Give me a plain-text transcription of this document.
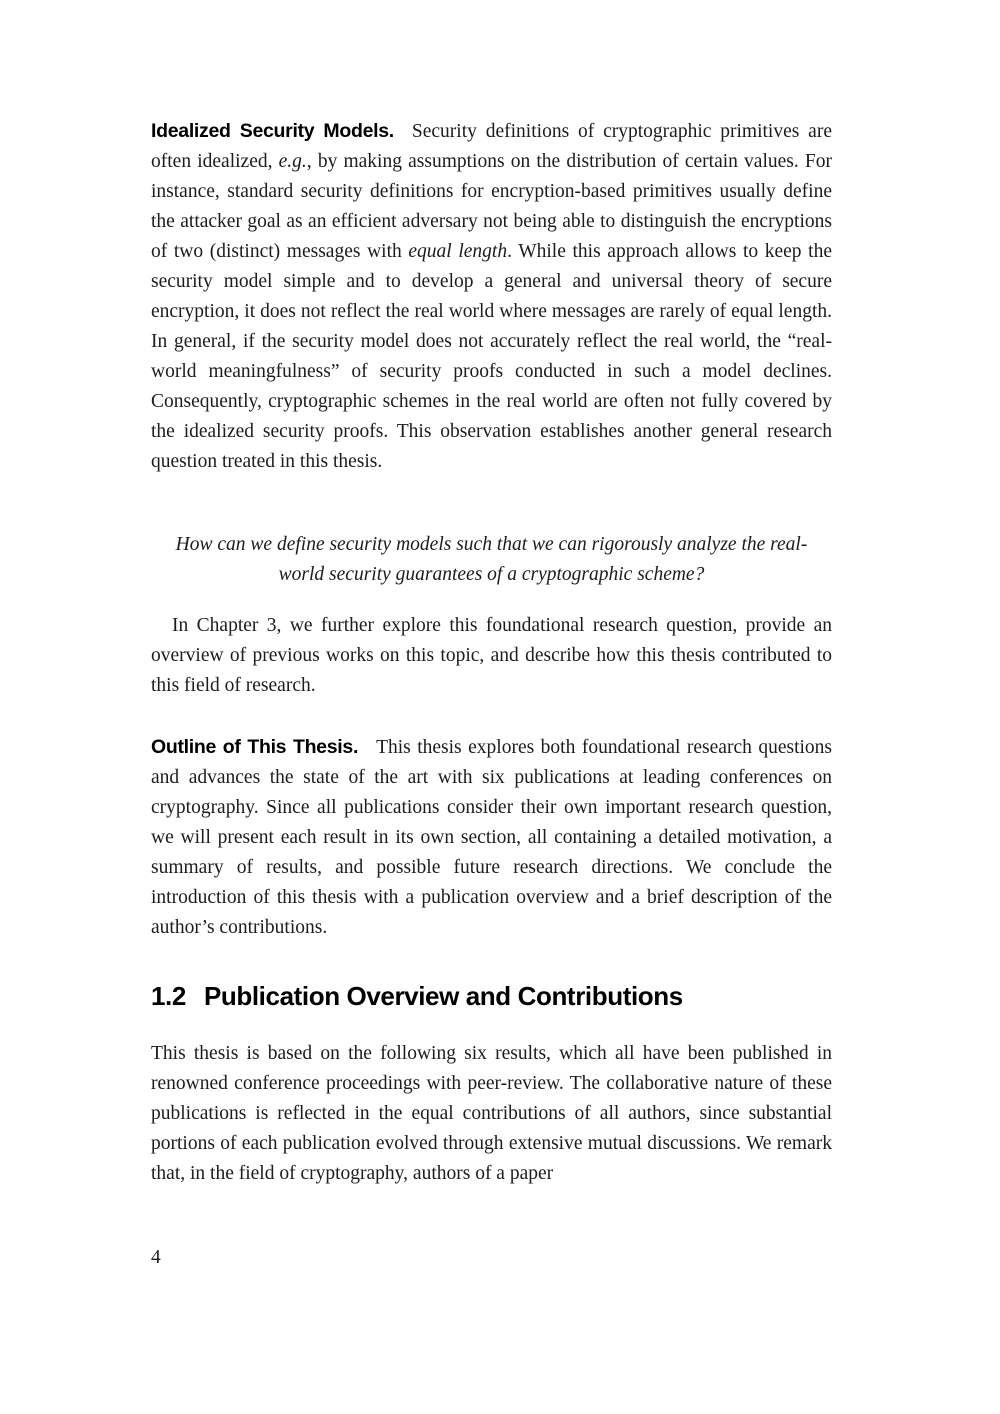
Idealized Security Models. Security definitions of cryptographic primitives are often idealized, e.g., by making assumptions on the distribution of certain values. For instance, standard security definitions for encryption-based primitives usually define the attacker goal as an efficient adversary not being able to distinguish the encryptions of two (distinct) messages with equal length. While this approach allows to keep the security model simple and to develop a general and universal theory of secure encryption, it does not reflect the real world where messages are rarely of equal length. In general, if the security model does not accurately reflect the real world, the “real-world meaningfulness” of security proofs conducted in such a model declines. Consequently, cryptographic schemes in the real world are often not fully covered by the idealized security proofs. This observation establishes another general research question treated in this thesis.

How can we define security models such that we can rigorously analyze the real-world security guarantees of a cryptographic scheme?

In Chapter 3, we further explore this foundational research question, provide an overview of previous works on this topic, and describe how this thesis contributed to this field of research.

Outline of This Thesis. This thesis explores both foundational research questions and advances the state of the art with six publications at leading conferences on cryptography. Since all publications consider their own important research question, we will present each result in its own section, all containing a detailed motivation, a summary of results, and possible future research directions. We conclude the introduction of this thesis with a publication overview and a brief description of the author’s contributions.

1.2 Publication Overview and Contributions

This thesis is based on the following six results, which all have been published in renowned conference proceedings with peer-review. The collaborative nature of these publications is reflected in the equal contributions of all authors, since substantial portions of each publication evolved through extensive mutual discussions. We remark that, in the field of cryptography, authors of a paper

4
